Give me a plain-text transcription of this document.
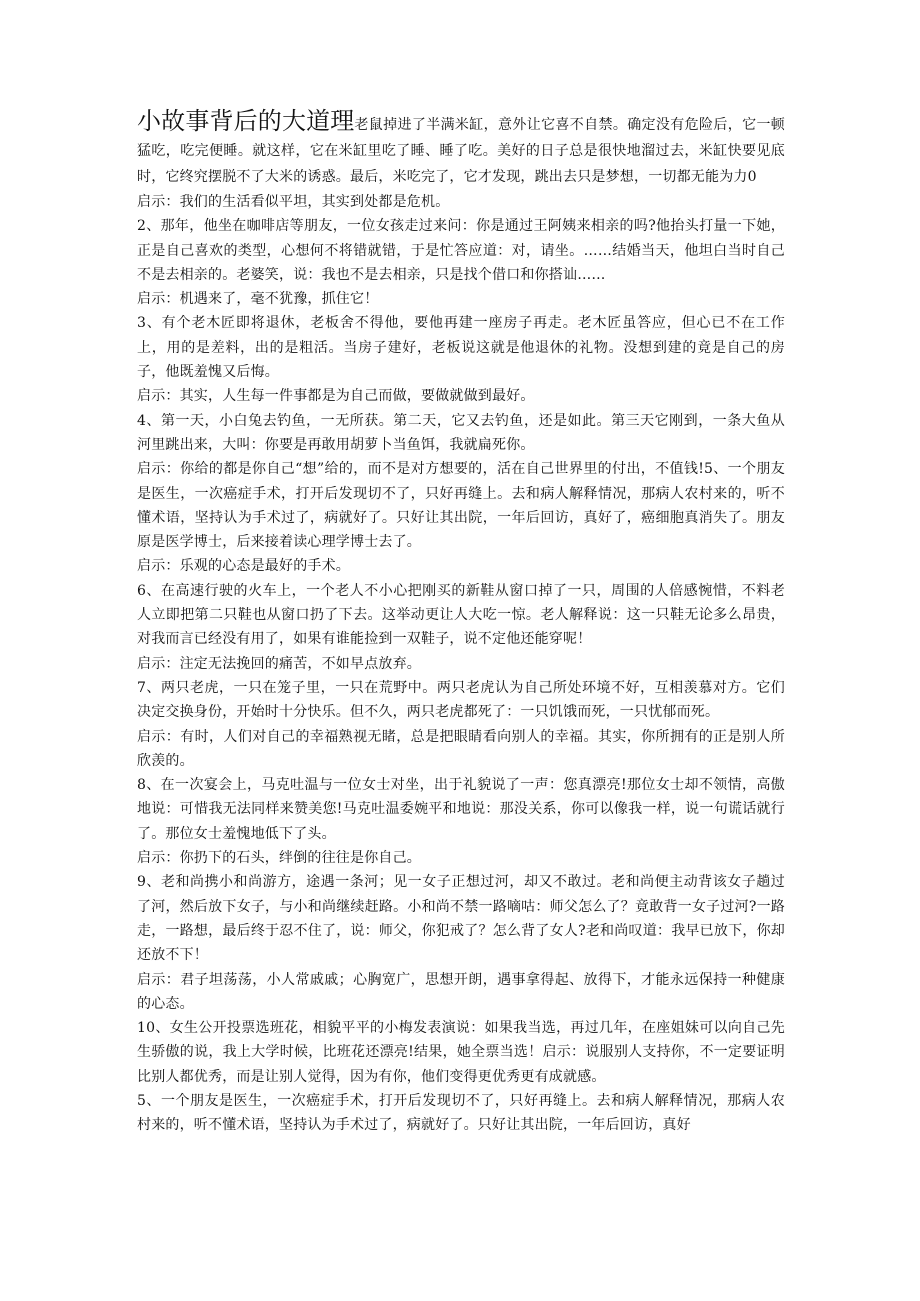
小故事背后的大道理老鼠掉进了半满米缸，意外让它喜不自禁。确定没有危险后，它一顿猛吃，吃完便睡。就这样，它在米缸里吃了睡、睡了吃。美好的日子总是很快地溜过去，米缸快要见底时，它终究摆脱不了大米的诱惑。最后，米吃完了，它才发现，跳出去只是梦想，一切都无能为力0

启示：我们的生活看似平坦，其实到处都是危机。

2、那年，他坐在咖啡店等朋友，一位女孩走过来问：你是通过王阿姨来相亲的吗?他抬头打量一下她，正是自己喜欢的类型，心想何不将错就错，于是忙答应道：对，请坐。……结婚当天，他坦白当时自己不是去相亲的。老婆笑，说：我也不是去相亲，只是找个借口和你搭讪……

启示：机遇来了，毫不犹豫，抓住它！

3、有个老木匠即将退休，老板舍不得他，要他再建一座房子再走。老木匠虽答应，但心已不在工作上，用的是差料，出的是粗活。当房子建好，老板说这就是他退休的礼物。没想到建的竟是自己的房子，他既羞愧又后悔。

启示：其实，人生每一件事都是为自己而做，要做就做到最好。

4、第一天，小白兔去钓鱼，一无所获。第二天，它又去钓鱼，还是如此。第三天它刚到，一条大鱼从河里跳出来，大叫：你要是再敢用胡萝卜当鱼饵，我就扁死你。

启示：你给的都是你自己“想”给的，而不是对方想要的，活在自己世界里的付出，不值钱!5、一个朋友是医生，一次癌症手术，打开后发现切不了，只好再缝上。去和病人解释情况，那病人农村来的，听不懂术语，坚持认为手术过了，病就好了。只好让其出院，一年后回访，真好了，癌细胞真消失了。朋友原是医学博士，后来接着读心理学博士去了。

启示：乐观的心态是最好的手术。

6、在高速行驶的火车上，一个老人不小心把刚买的新鞋从窗口掉了一只，周围的人倍感惋惜，不料老人立即把第二只鞋也从窗口扔了下去。这举动更让人大吃一惊。老人解释说：这一只鞋无论多么昂贵，对我而言已经没有用了，如果有谁能捡到一双鞋子，说不定他还能穿呢！

启示：注定无法挽回的痛苦，不如早点放弃。

7、两只老虎，一只在笼子里，一只在荒野中。两只老虎认为自己所处环境不好，互相羡慕对方。它们决定交换身份，开始时十分快乐。但不久，两只老虎都死了：一只饥饿而死，一只忧郁而死。

启示：有时，人们对自己的幸福熟视无睹，总是把眼睛看向别人的幸福。其实，你所拥有的正是别人所欣羡的。

8、在一次宴会上，马克吐温与一位女士对坐，出于礼貌说了一声：您真漂亮!那位女士却不领情，高傲地说：可惜我无法同样来赞美您!马克吐温委婉平和地说：那没关系，你可以像我一样，说一句谎话就行了。那位女士羞愧地低下了头。

启示：你扔下的石头，绊倒的往往是你自己。

9、老和尚携小和尚游方，途遇一条河；见一女子正想过河，却又不敢过。老和尚便主动背该女子趟过了河，然后放下女子，与小和尚继续赶路。小和尚不禁一路嘀咕：师父怎么了？竟敢背一女子过河?一路走，一路想，最后终于忍不住了，说：师父，你犯戒了？怎么背了女人?老和尚叹道：我早已放下，你却还放不下！

启示：君子坦荡荡，小人常戚戚；心胸宽广，思想开朗，遇事拿得起、放得下，才能永远保持一种健康的心态。

10、女生公开投票选班花，相貌平平的小梅发表演说：如果我当选，再过几年，在座姐妹可以向自己先生骄傲的说，我上大学时候，比班花还漂亮!结果，她全票当选！启示：说服别人支持你，不一定要证明比别人都优秀，而是让别人觉得，因为有你，他们变得更优秀更有成就感。

5、一个朋友是医生，一次癌症手术，打开后发现切不了，只好再缝上。去和病人解释情况，那病人农村来的，听不懂术语，坚持认为手术过了，病就好了。只好让其出院，一年后回访，真好
